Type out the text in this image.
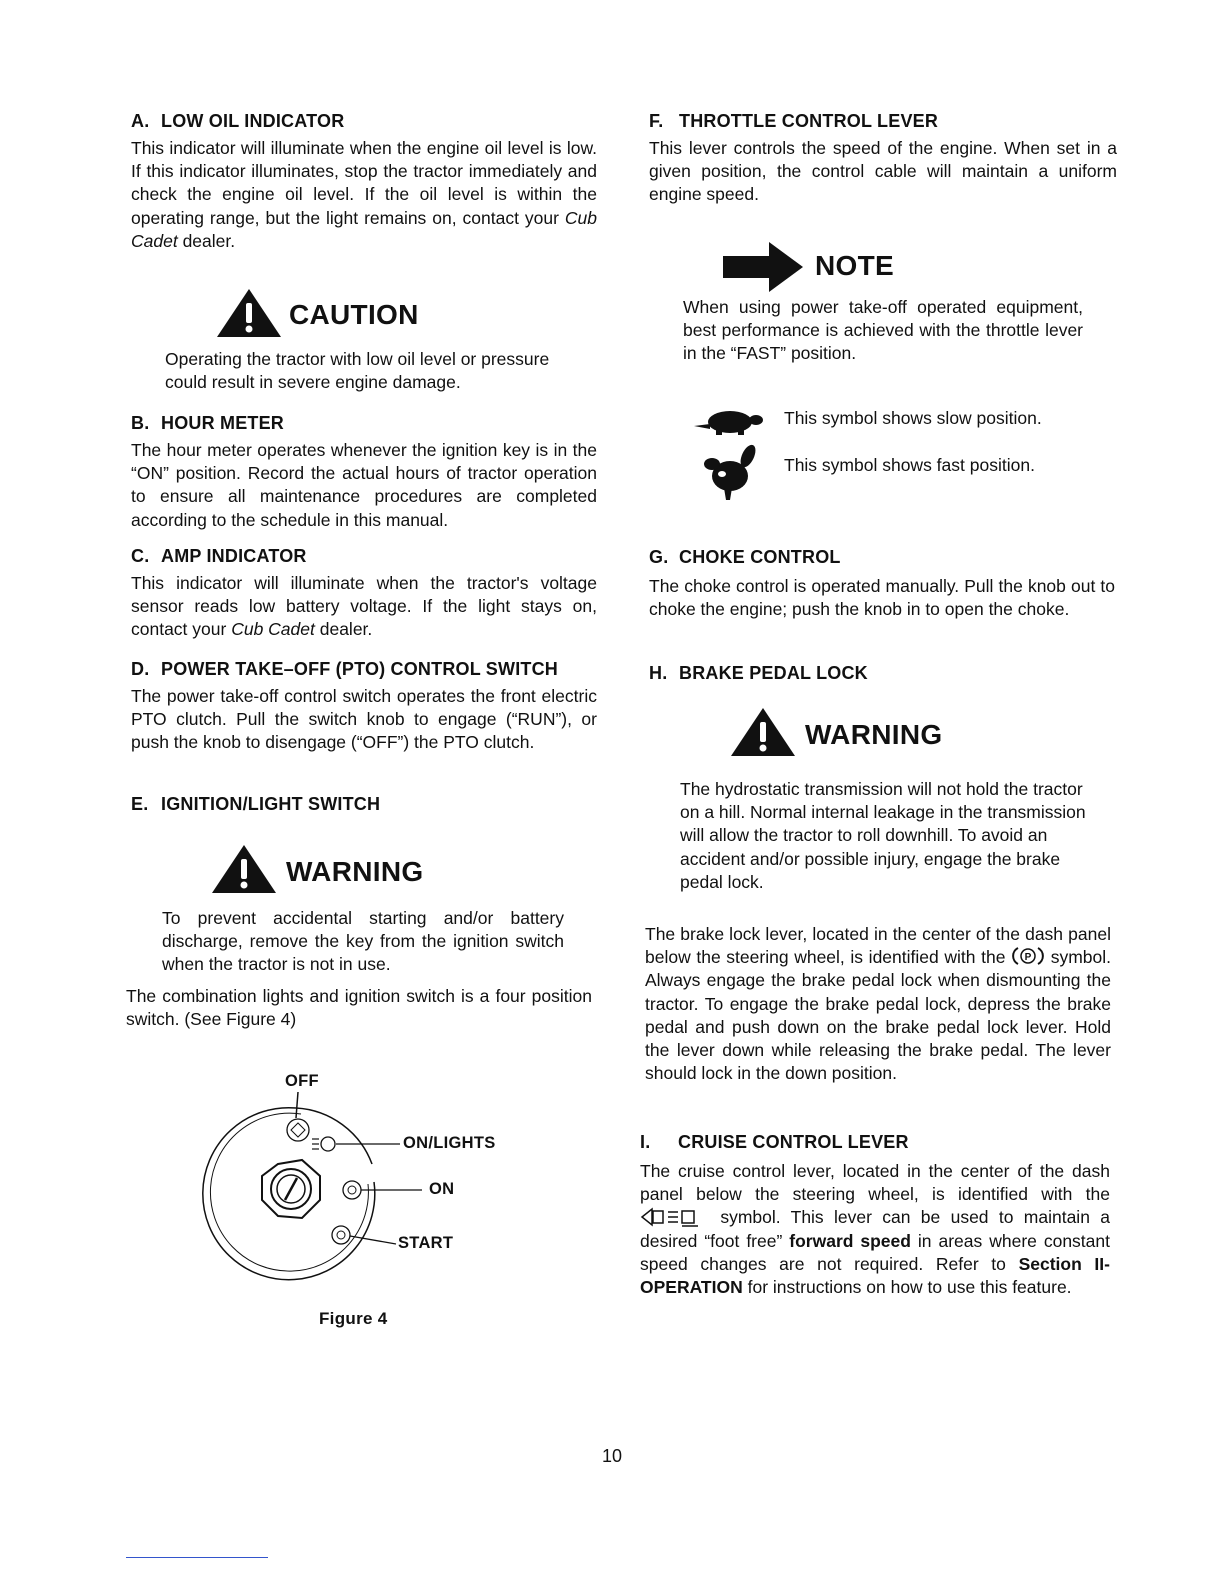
A. LOW OIL INDICATOR

This indicator will illuminate when the engine oil level is low. If this indicator illuminates, stop the tractor immediately and check the engine oil level. If the oil level is within the operating range, but the light remains on, contact your Cub Cadet dealer.

CAUTION

Operating the tractor with low oil level or pressure could result in severe engine damage.

B. HOUR METER

The hour meter operates whenever the ignition key is in the “ON” position. Record the actual hours of tractor operation to ensure all maintenance procedures are completed according to the schedule in this manual.

C. AMP INDICATOR

This indicator will illuminate when the tractor's voltage sensor reads low battery voltage. If the light stays on, contact your Cub Cadet dealer.

D. POWER TAKE–OFF (PTO) CONTROL SWITCH

The power take-off control switch operates the front electric PTO clutch. Pull the switch knob to engage (“RUN”), or push the knob to disengage (“OFF”) the PTO clutch.

E. IGNITION/LIGHT SWITCH

WARNING

To prevent accidental starting and/or battery discharge, remove the key from the ignition switch when the tractor is not in use.

The combination lights and ignition switch is a four position switch. (See Figure 4)

OFF
ON/LIGHTS
ON
START
Figure 4

F. THROTTLE CONTROL LEVER

This lever controls the speed of the engine. When set in a given position, the control cable will maintain a uniform engine speed.

NOTE

When using power take-off operated equipment, best performance is achieved with the throttle lever in the “FAST” position.

This symbol shows slow position.
This symbol shows fast position.

G. CHOKE CONTROL

The choke control is operated manually. Pull the knob out to choke the engine; push the knob in to open the choke.

H. BRAKE PEDAL LOCK

WARNING

The hydrostatic transmission will not hold the tractor on a hill. Normal internal leakage in the transmission will allow the tractor to roll downhill. To avoid an accident and/or possible injury, engage the brake pedal lock.

The brake lock lever, located in the center of the dash panel below the steering wheel, is identified with the P symbol. Always engage the brake pedal lock when dismounting the tractor. To engage the brake pedal lock, depress the brake pedal and push down on the brake pedal lock lever. Hold the lever down while releasing the brake pedal. The lever should lock in the down position.

I. CRUISE CONTROL LEVER

The cruise control lever, located in the center of the dash panel below the steering wheel, is identified with the  symbol. This lever can be used to maintain a desired “foot free” forward speed in areas where constant speed changes are not required. Refer to Section II- OPERATION for instructions on how to use this feature.

10
